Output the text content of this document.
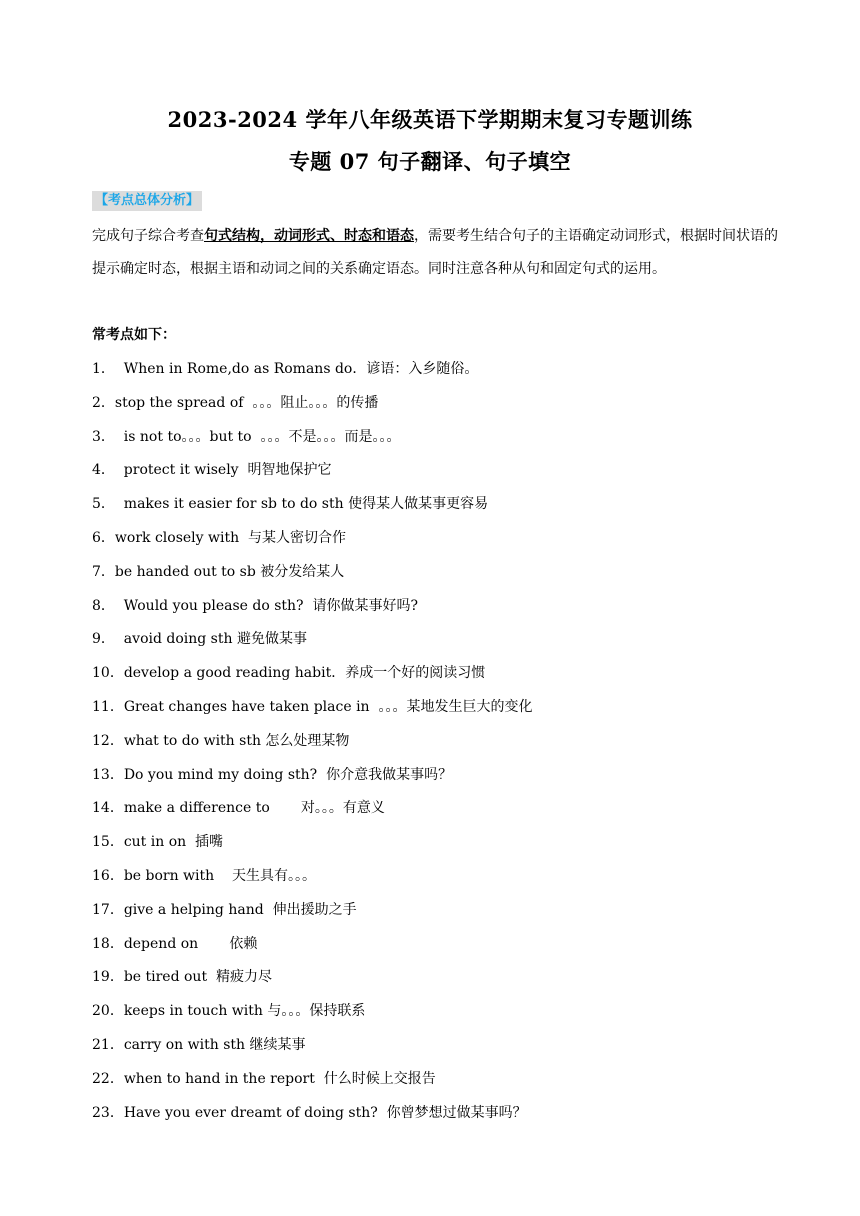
2023-2024 学年八年级英语下学期期末复习专题训练
专题 07 句子翻译、句子填空
【考点总体分析】
完成句子综合考查句式结构，动词形式、时态和语态，需要考生结合句子的主语确定动词形式，根据时间状语的提示确定时态，根据主语和动词之间的关系确定语态。同时注意各种从句和固定句式的运用。
常考点如下：
1．  When in Rome,do as Romans do．谚语：入乡随俗。
2．stop the spread of  。。。阻止。。。的传播
3．  is not to。。。but to  。。。不是。。。而是。。。
4．  protect it wisely  明智地保护它
5．  makes it easier for sb to do sth 使得某人做某事更容易
6．work closely with  与某人密切合作
7．be handed out to sb 被分发给某人
8．  Would you please do sth?  请你做某事好吗?
9．  avoid doing sth 避免做某事
10．develop a good reading habit．养成一个好的阅读习惯
11．Great changes have taken place in  。。。某地发生巨大的变化
12．what to do with sth 怎么处理某物
13．Do you mind my doing sth?  你介意我做某事吗？
14．make a difference to       对。。。有意义
15．cut in on  插嘴
16．be born with    天生具有。。。
17．give a helping hand  伸出援助之手
18．depend on       依赖
19．be tired out  精疲力尽
20．keeps in touch with 与。。。保持联系
21．carry on with sth 继续某事
22．when to hand in the report  什么时候上交报告
23．Have you ever dreamt of doing sth?  你曾梦想过做某事吗？
